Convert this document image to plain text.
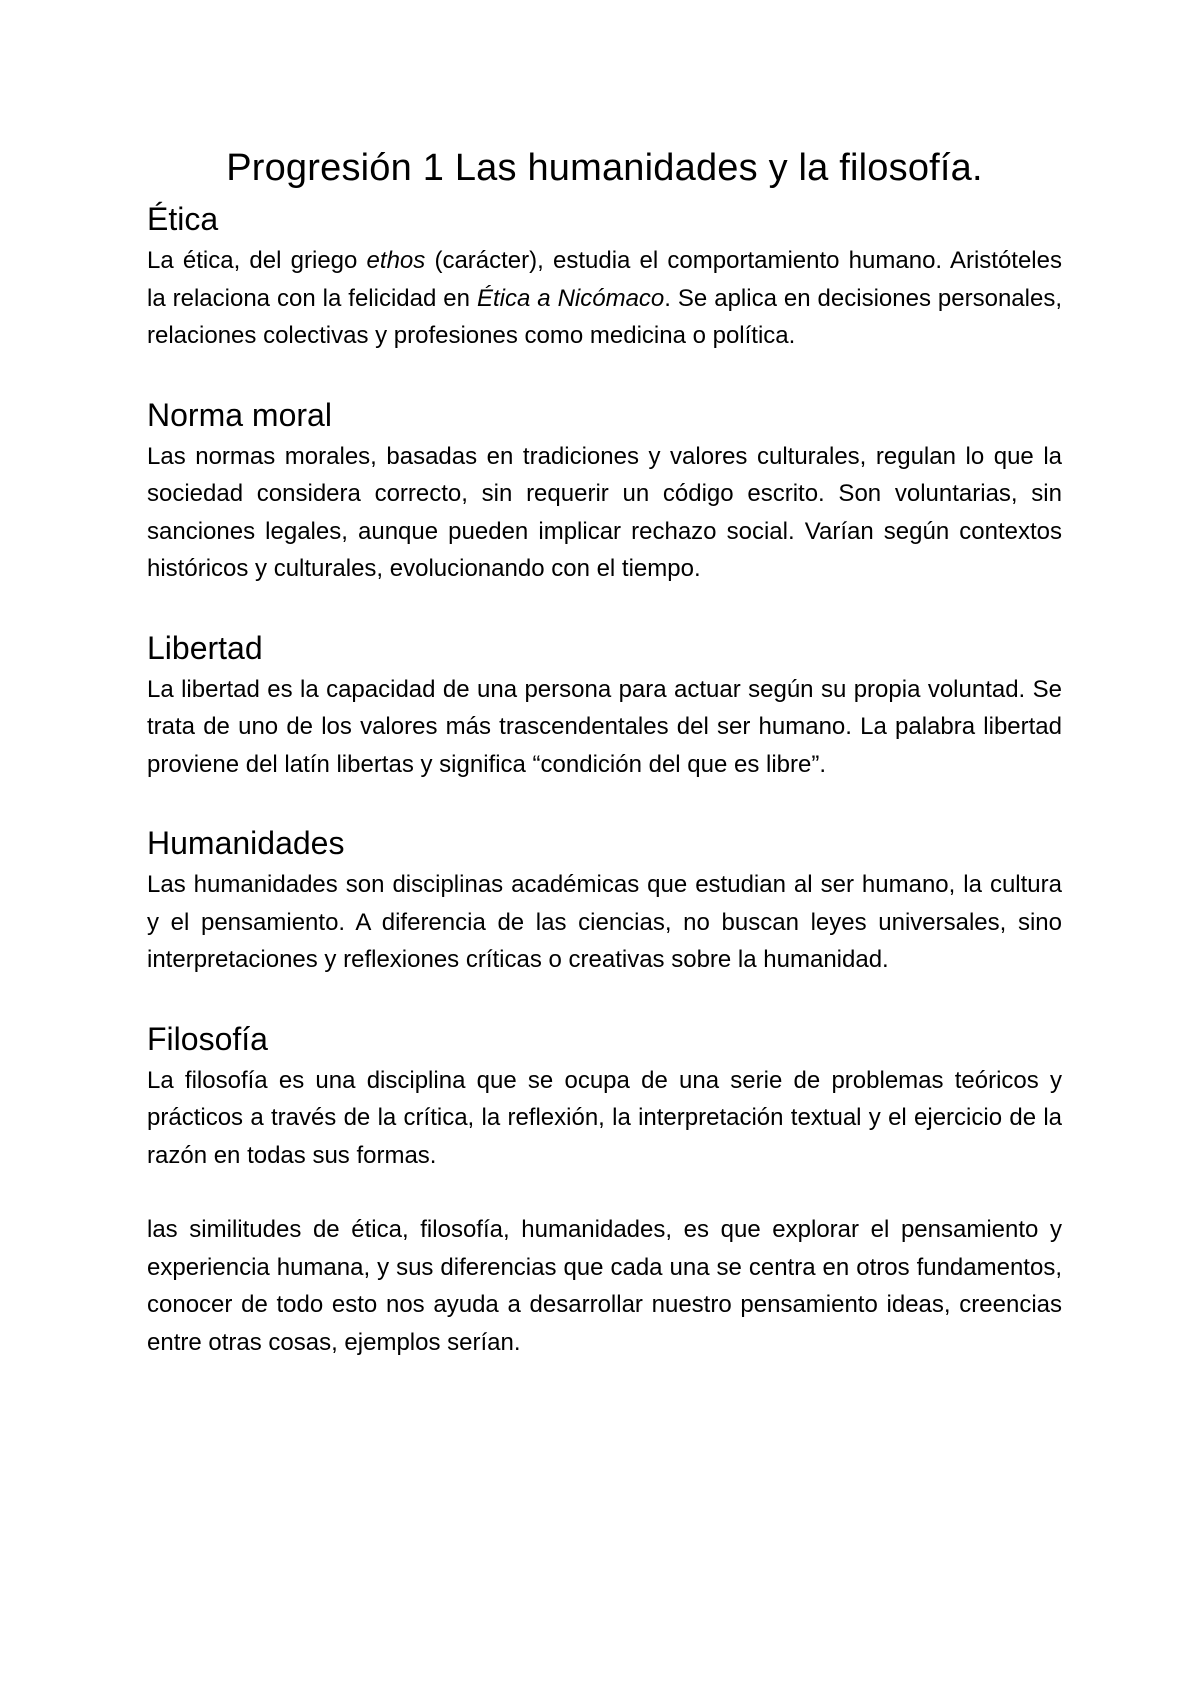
Progresión 1 Las humanidades y la filosofía.
Ética

La ética, del griego ethos (carácter), estudia el comportamiento humano. Aristóteles la relaciona con la felicidad en Ética a Nicómaco. Se aplica en decisiones personales, relaciones colectivas y profesiones como medicina o política.

Norma moral

Las normas morales, basadas en tradiciones y valores culturales, regulan lo que la sociedad considera correcto, sin requerir un código escrito. Son voluntarias, sin sanciones legales, aunque pueden implicar rechazo social. Varían según contextos históricos y culturales, evolucionando con el tiempo.

Libertad

La libertad es la capacidad de una persona para actuar según su propia voluntad. Se trata de uno de los valores más trascendentales del ser humano. La palabra libertad proviene del latín libertas y significa “condición del que es libre”.

Humanidades

Las humanidades son disciplinas académicas que estudian al ser humano, la cultura y el pensamiento. A diferencia de las ciencias, no buscan leyes universales, sino interpretaciones y reflexiones críticas o creativas sobre la humanidad.

Filosofía

La filosofía es una disciplina que se ocupa de una serie de problemas teóricos y prácticos a través de la crítica, la reflexión, la interpretación textual y el ejercicio de la razón en todas sus formas.

las similitudes de ética, filosofía, humanidades, es que explorar el pensamiento y experiencia humana, y sus diferencias que cada una se centra en otros fundamentos, conocer de todo esto nos ayuda a desarrollar nuestro pensamiento ideas, creencias entre otras cosas, ejemplos serían.
